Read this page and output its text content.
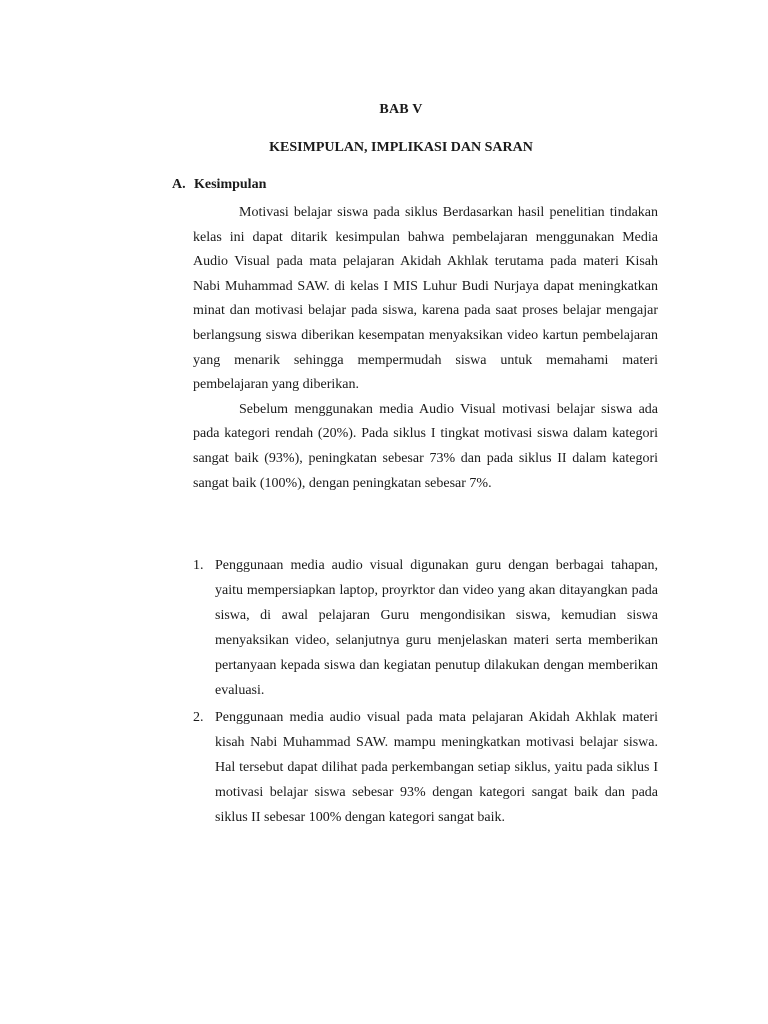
BAB V
KESIMPULAN, IMPLIKASI DAN SARAN
A. Kesimpulan

Motivasi belajar siswa pada siklus Berdasarkan hasil penelitian tindakan kelas ini dapat ditarik kesimpulan bahwa pembelajaran menggunakan Media Audio Visual pada mata pelajaran Akidah Akhlak terutama pada materi Kisah Nabi Muhammad SAW. di kelas I MIS Luhur Budi Nurjaya dapat meningkatkan minat dan motivasi belajar pada siswa, karena pada saat proses belajar mengajar berlangsung siswa diberikan kesempatan menyaksikan video kartun pembelajaran yang menarik sehingga mempermudah siswa untuk memahami materi pembelajaran yang diberikan.

Sebelum menggunakan media Audio Visual motivasi belajar siswa ada pada kategori rendah (20%). Pada siklus I tingkat motivasi siswa dalam kategori sangat baik (93%), peningkatan sebesar 73% dan pada siklus II dalam kategori sangat baik (100%), dengan peningkatan sebesar 7%.

1. Penggunaan media audio visual digunakan guru dengan berbagai tahapan, yaitu mempersiapkan laptop, proyrktor dan video yang akan ditayangkan pada siswa, di awal pelajaran Guru mengondisikan siswa, kemudian siswa menyaksikan video, selanjutnya guru menjelaskan materi serta memberikan pertanyaan kepada siswa dan kegiatan penutup dilakukan dengan memberikan evaluasi.
2. Penggunaan media audio visual pada mata pelajaran Akidah Akhlak materi kisah Nabi Muhammad SAW. mampu meningkatkan motivasi belajar siswa. Hal tersebut dapat dilihat pada perkembangan setiap siklus, yaitu pada siklus I motivasi belajar siswa sebesar 93% dengan kategori sangat baik dan pada siklus II sebesar 100% dengan kategori sangat baik.
